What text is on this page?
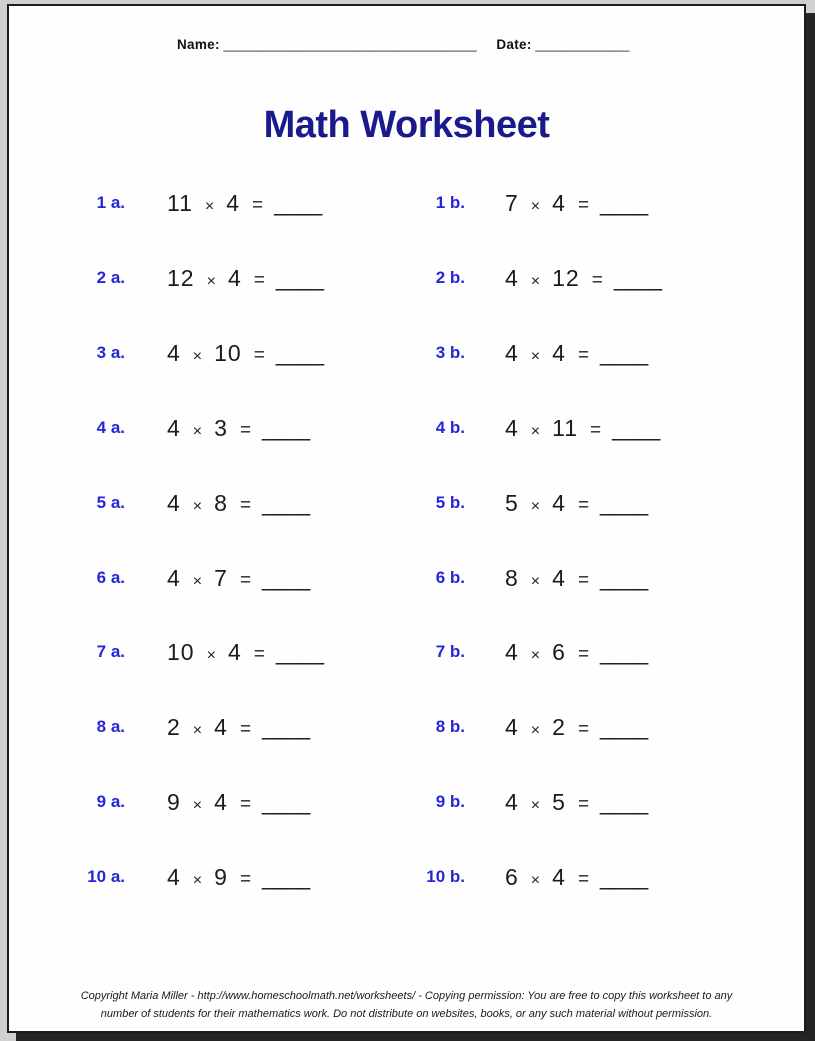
Name: ___________________________________ Date: _____________
Math Worksheet
1 a. 11 × 4 = ____	1 b. 7 × 4 = ____
2 a. 12 × 4 = ____	2 b. 4 × 12 = ____
3 a. 4 × 10 = ____	3 b. 4 × 4 = ____
4 a. 4 × 3 = ____	4 b. 4 × 11 = ____
5 a. 4 × 8 = ____	5 b. 5 × 4 = ____
6 a. 4 × 7 = ____	6 b. 8 × 4 = ____
7 a. 10 × 4 = ____	7 b. 4 × 6 = ____
8 a. 2 × 4 = ____	8 b. 4 × 2 = ____
9 a. 9 × 4 = ____	9 b. 4 × 5 = ____
10 a. 4 × 9 = ____	10 b. 6 × 4 = ____
Copyright Maria Miller - http://www.homeschoolmath.net/worksheets/ - Copying permission: You are free to copy this worksheet to any
number of students for their mathematics work. Do not distribute on websites, books, or any such material without permission.
